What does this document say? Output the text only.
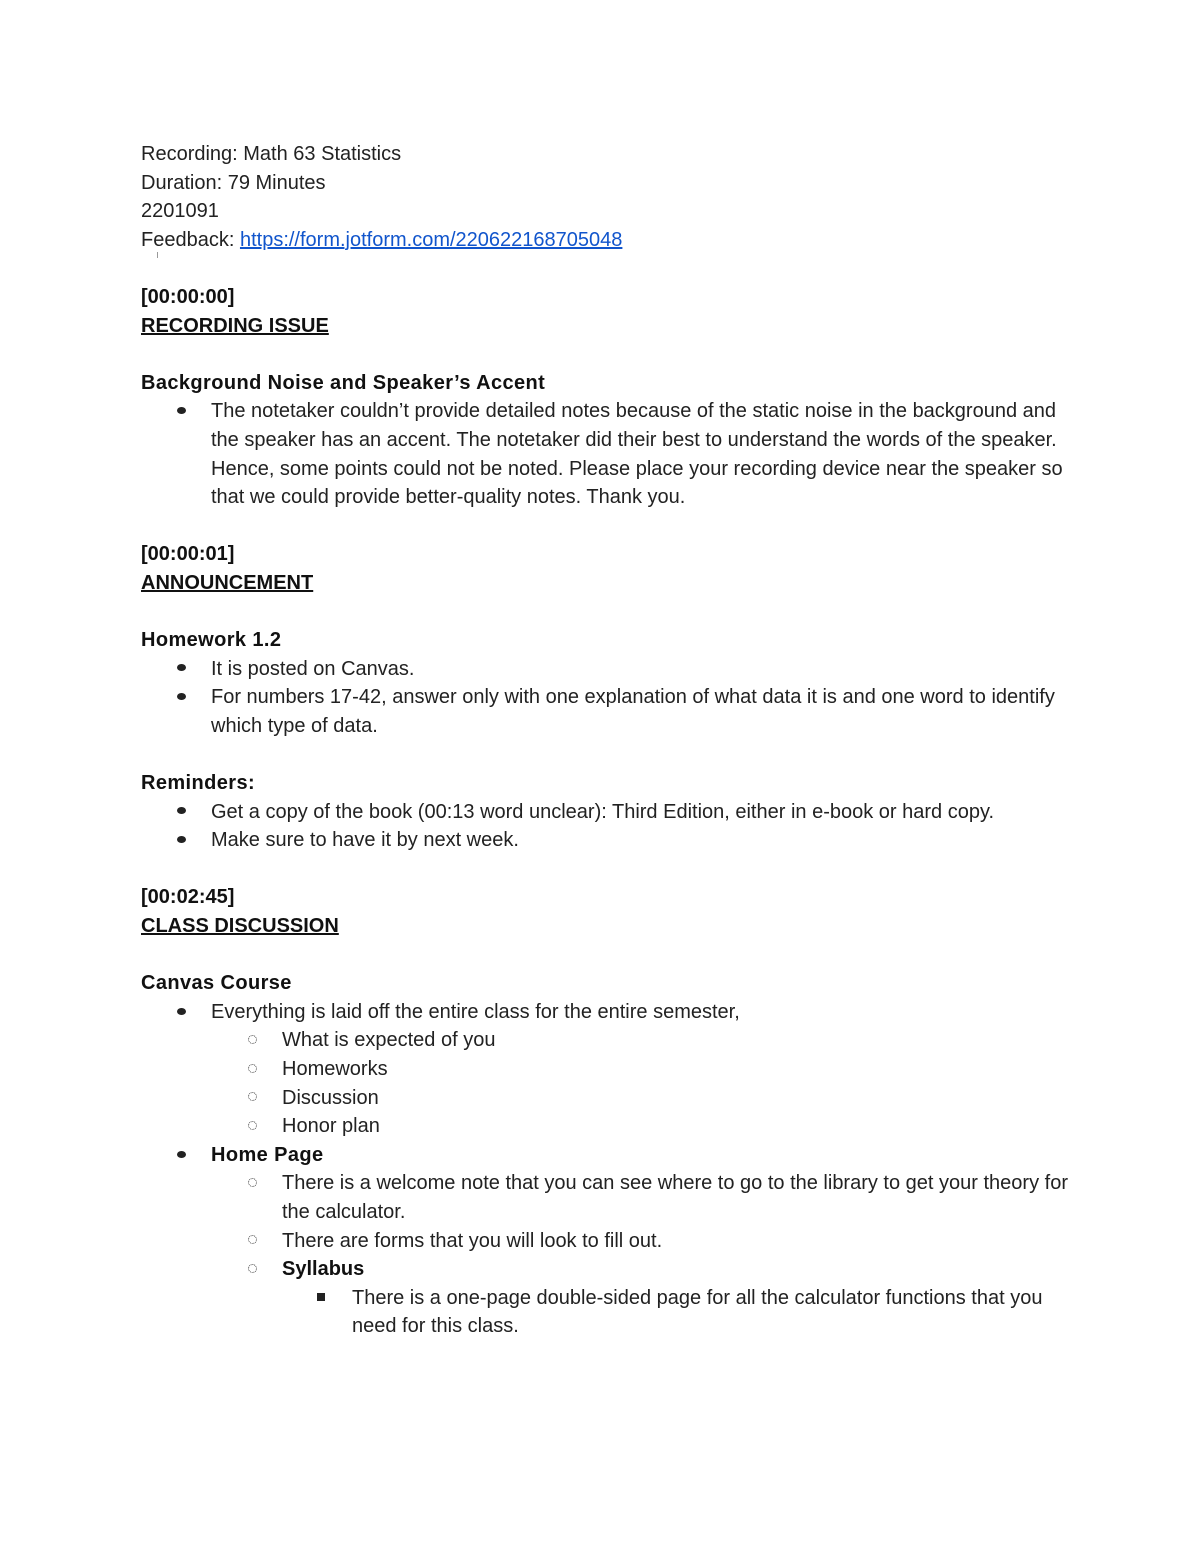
Recording: Math 63 Statistics

Duration: 79 Minutes

2201091

Feedback: https://form.jotform.com/220622168705048

[00:00:00]

RECORDING ISSUE

Background Noise and Speaker’s Accent

The notetaker couldn’t provide detailed notes because of the static noise in the background and the speaker has an accent. The notetaker did their best to understand the words of the speaker. Hence, some points could not be noted. Please place your recording device near the speaker so that we could provide better-quality notes. Thank you.

[00:00:01]

ANNOUNCEMENT

Homework 1.2

It is posted on Canvas.
For numbers 17-42, answer only with one explanation of what data it is and one word to identify which type of data.

Reminders:

Get a copy of the book (00:13 word unclear): Third Edition, either in e-book or hard copy.
Make sure to have it by next week.

[00:02:45]

CLASS DISCUSSION

Canvas Course

Everything is laid off the entire class for the entire semester,
What is expected of you
Homeworks
Discussion
Honor plan
Home Page
There is a welcome note that you can see where to go to the library to get your theory for the calculator.
There are forms that you will look to fill out.
Syllabus
There is a one-page double-sided page for all the calculator functions that you need for this class.
